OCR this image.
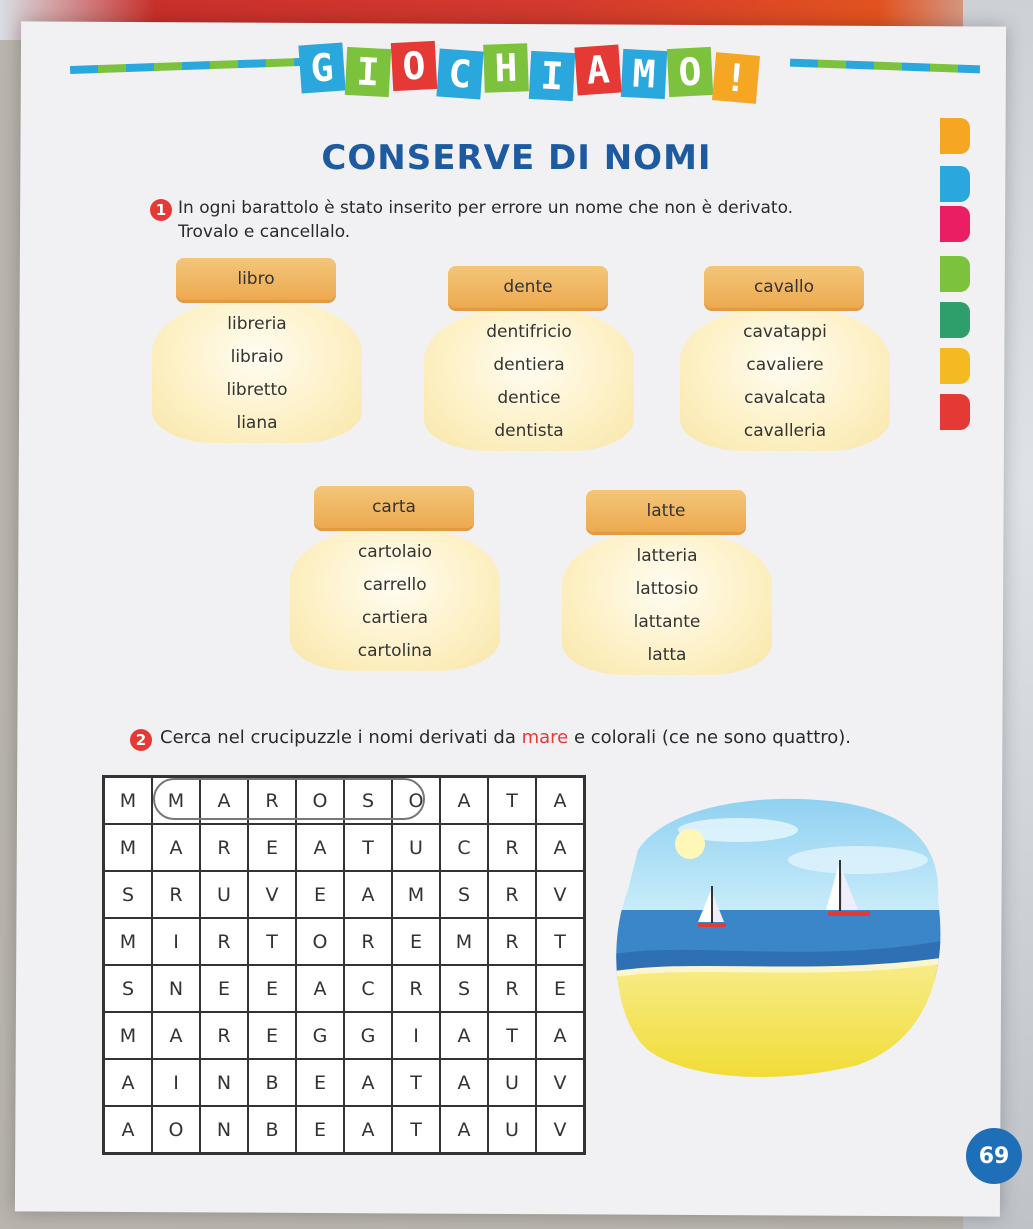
G I O C H I A M O !
CONSERVE DI NOMI
1 In ogni barattolo è stato inserito per errore un nome che non è derivato.
Trovalo e cancellalo.
libro
libreria
libraio
libretto
liana
dente
dentifricio
dentiera
dentice
dentista
cavallo
cavatappi
cavaliere
cavalcata
cavalleria
carta
cartolaio
carrello
cartiera
cartolina
latte
latteria
lattosio
lattante
latta
2 Cerca nel crucipuzzle i nomi derivati da mare e colorali (ce ne sono quattro).
M	M	A	R	O	S	O	A	T	A
M	A	R	E	A	T	U	C	R	A
S	R	U	V	E	A	M	S	R	V
M	I	R	T	O	R	E	M	R	T
S	N	E	E	A	C	R	S	R	E
M	A	R	E	G	G	I	A	T	A
A	I	N	B	E	A	T	A	U	V
A	O	N	B	E	A	T	A	U	V
69
